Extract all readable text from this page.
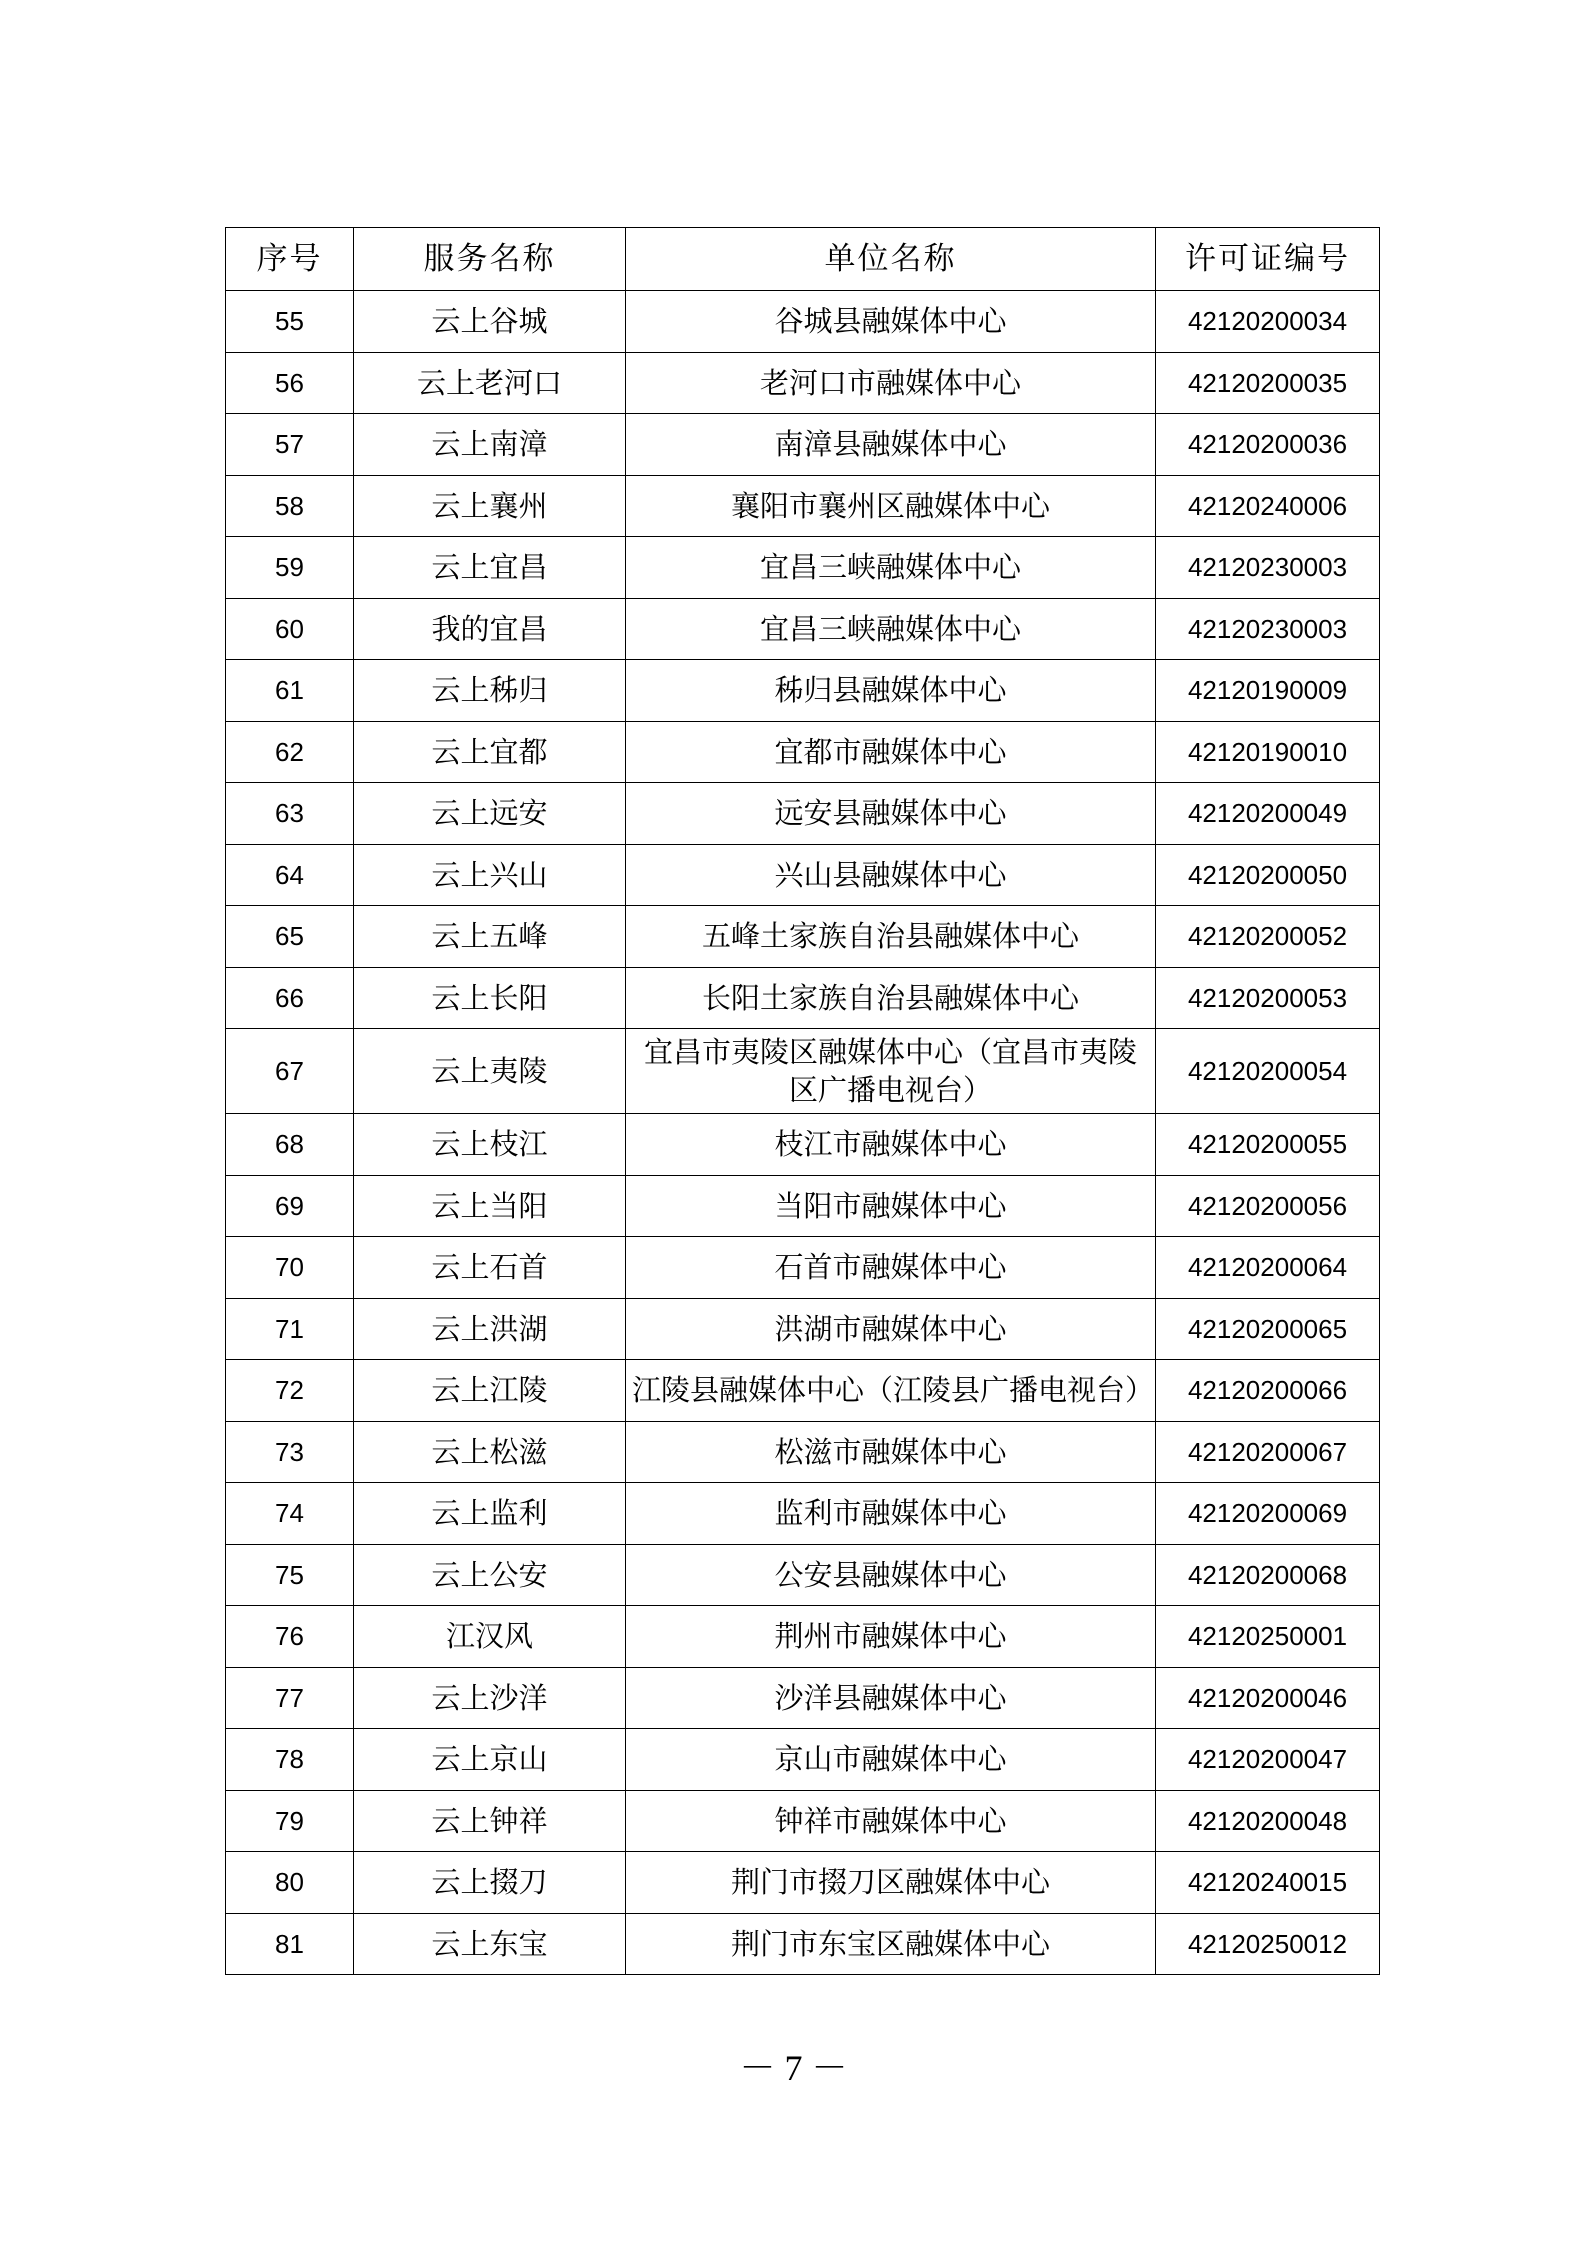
序号	服务名称	单位名称	许可证编号
55	云上谷城	谷城县融媒体中心	42120200034
56	云上老河口	老河口市融媒体中心	42120200035
57	云上南漳	南漳县融媒体中心	42120200036
58	云上襄州	襄阳市襄州区融媒体中心	42120240006
59	云上宜昌	宜昌三峡融媒体中心	42120230003
60	我的宜昌	宜昌三峡融媒体中心	42120230003
61	云上秭归	秭归县融媒体中心	42120190009
62	云上宜都	宜都市融媒体中心	42120190010
63	云上远安	远安县融媒体中心	42120200049
64	云上兴山	兴山县融媒体中心	42120200050
65	云上五峰	五峰土家族自治县融媒体中心	42120200052
66	云上长阳	长阳土家族自治县融媒体中心	42120200053
67	云上夷陵	宜昌市夷陵区融媒体中心（宜昌市夷陵区广播电视台）	42120200054
68	云上枝江	枝江市融媒体中心	42120200055
69	云上当阳	当阳市融媒体中心	42120200056
70	云上石首	石首市融媒体中心	42120200064
71	云上洪湖	洪湖市融媒体中心	42120200065
72	云上江陵	江陵县融媒体中心（江陵县广播电视台）	42120200066
73	云上松滋	松滋市融媒体中心	42120200067
74	云上监利	监利市融媒体中心	42120200069
75	云上公安	公安县融媒体中心	42120200068
76	江汉风	荆州市融媒体中心	42120250001
77	云上沙洋	沙洋县融媒体中心	42120200046
78	云上京山	京山市融媒体中心	42120200047
79	云上钟祥	钟祥市融媒体中心	42120200048
80	云上掇刀	荆门市掇刀区融媒体中心	42120240015
81	云上东宝	荆门市东宝区融媒体中心	42120250012
－ 7 －
